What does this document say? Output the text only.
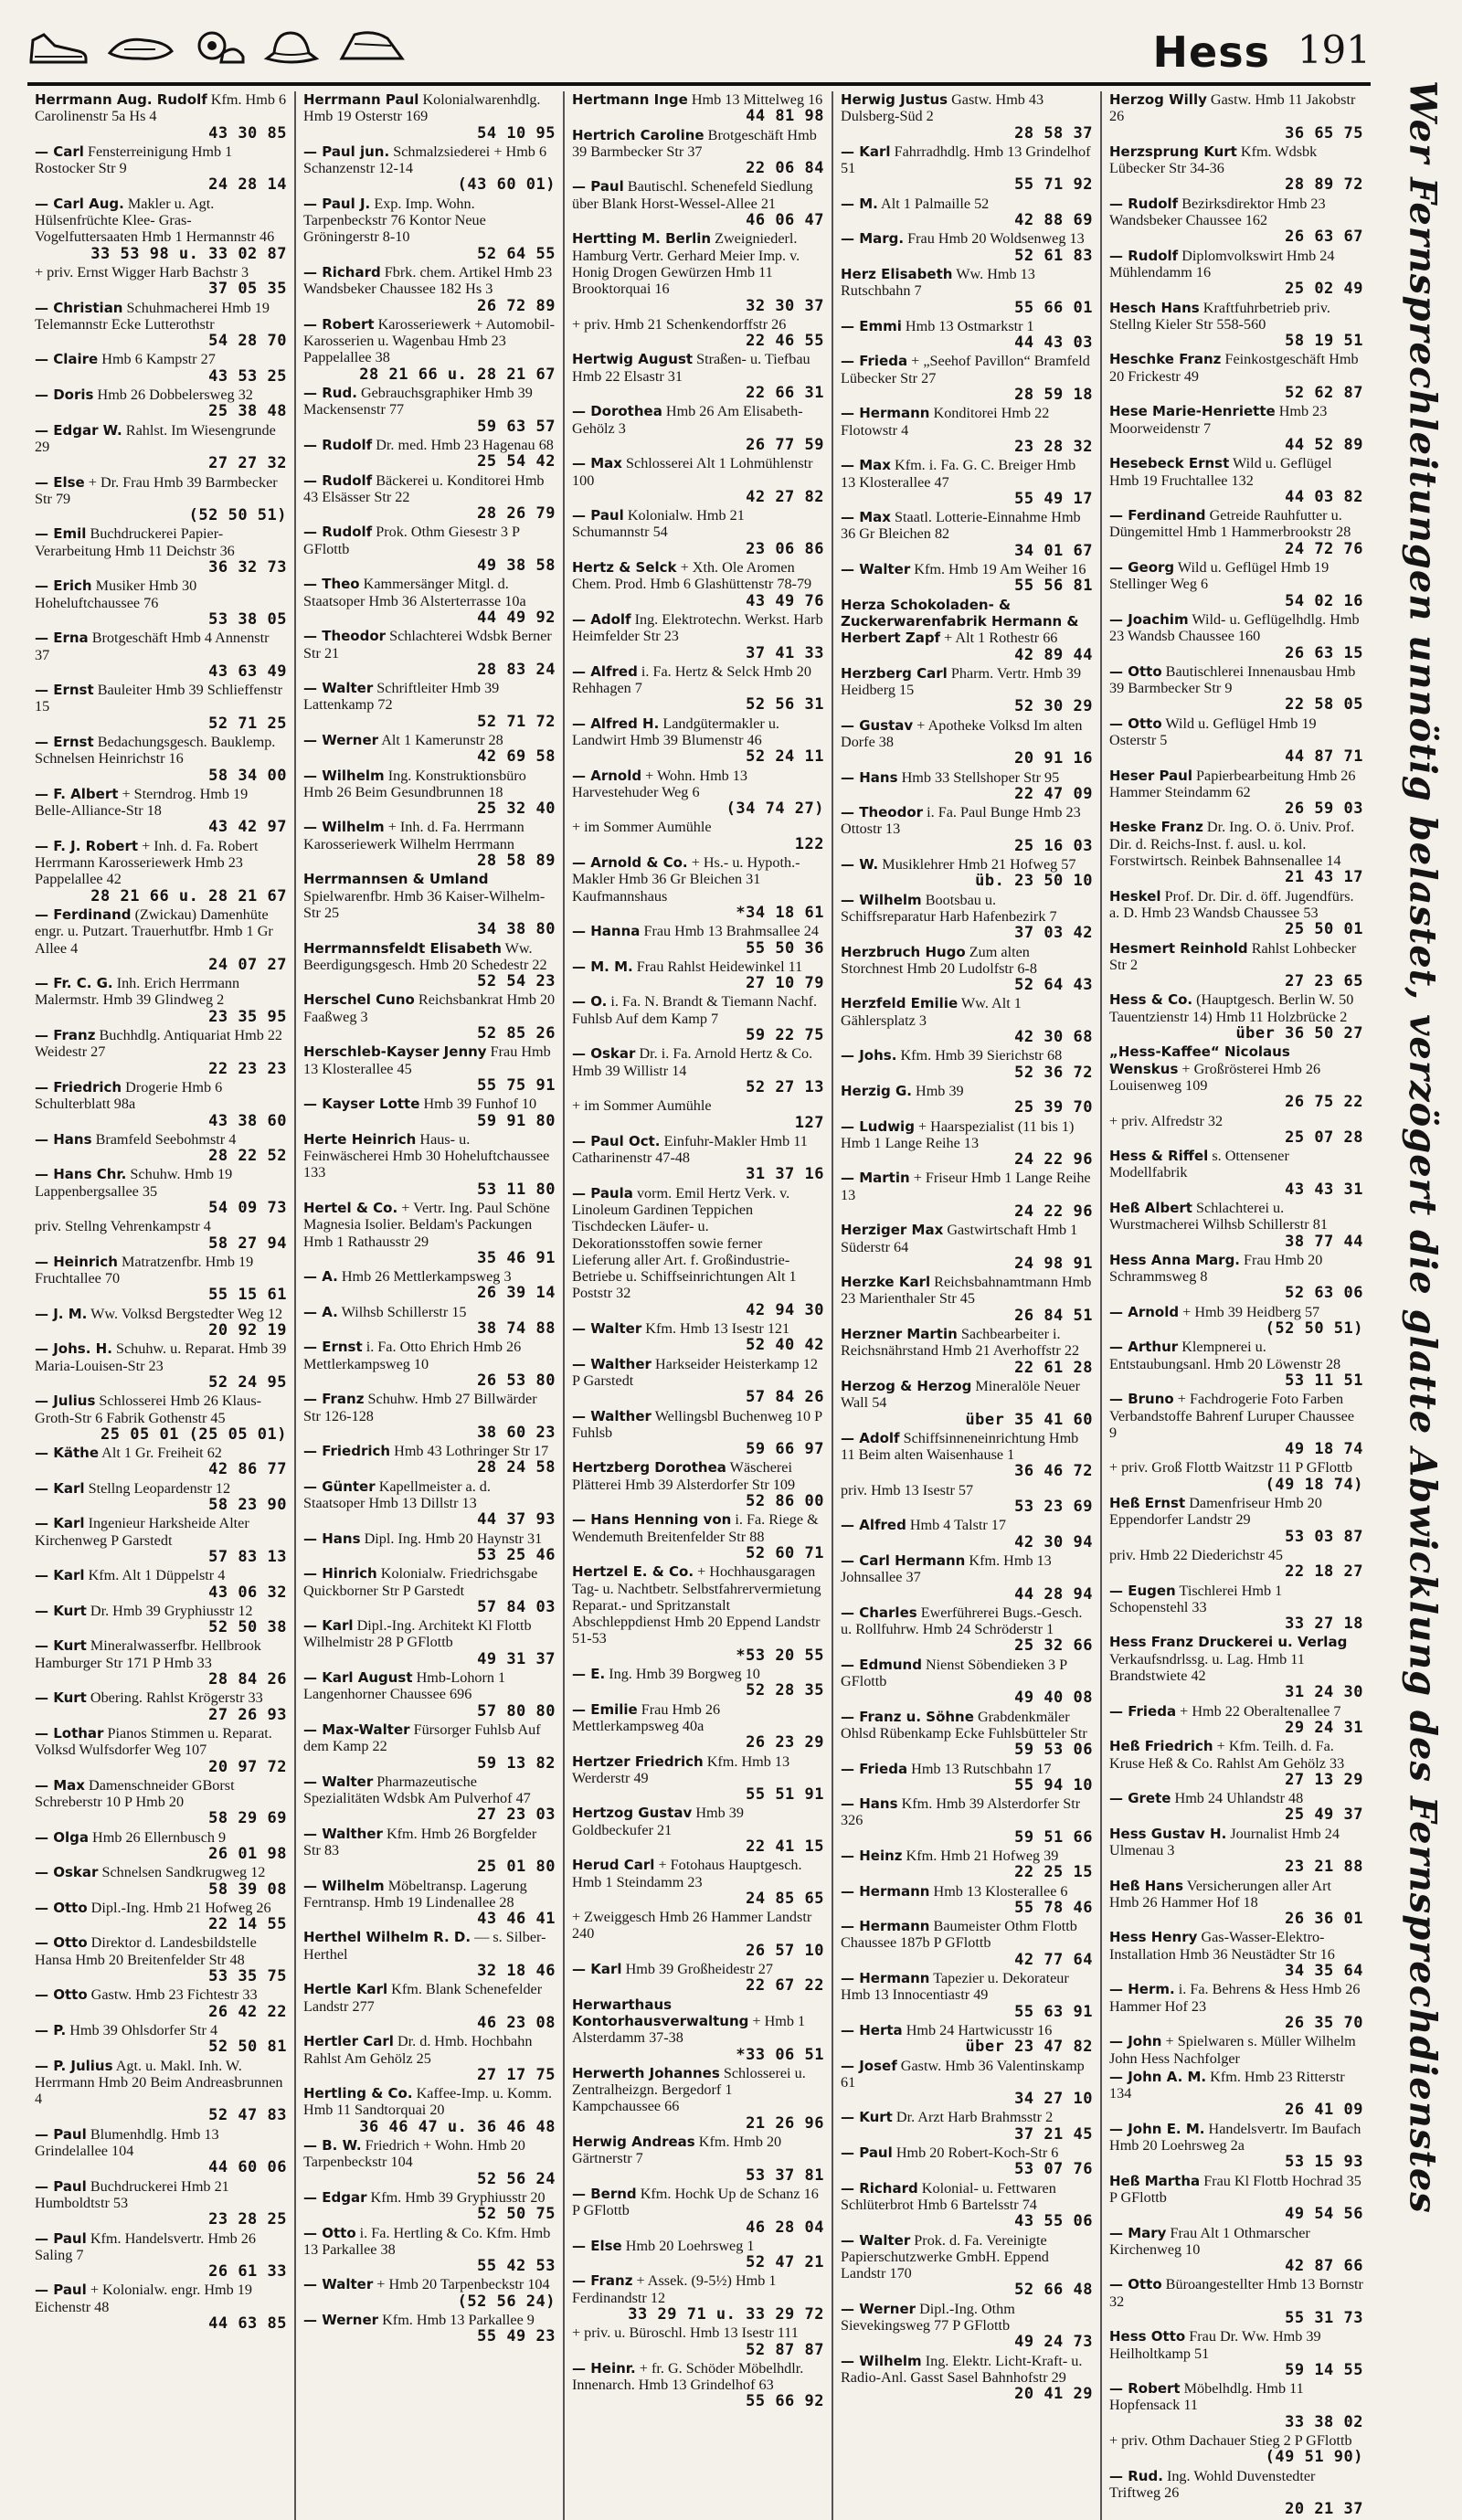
Hess 191
Herrmann Aug. Rudolf Kfm. Hmb 6 Carolinenstr 5a Hs 4
43 30 85
— Carl Fensterreinigung Hmb 1 Rostocker Str 9
24 28 14
— Carl Aug. Makler u. Agt. Hülsenfrüchte Klee- Gras- Vogelfuttersaaten Hmb 1 Hermannstr 46
33 53 98 u. 33 02 87
+ priv. Ernst Wigger Harb Bachstr 3
37 05 35
— Christian Schuhmacherei Hmb 19 Telemannstr Ecke Lutterothstr
54 28 70
— Claire Hmb 6 Kampstr 27
43 53 25
— Doris Hmb 26 Dobbelersweg 32
25 38 48
— Edgar W. Rahlst. Im Wiesengrunde 29
27 27 32
— Else + Dr. Frau Hmb 39 Barmbecker Str 79
(52 50 51)
— Emil Buchdruckerei Papier-Verarbeitung Hmb 11 Deichstr 36
36 32 73
— Erich Musiker Hmb 30 Hoheluftchaussee 76
53 38 05
— Erna Brotgeschäft Hmb 4 Annenstr 37
43 63 49
— Ernst Bauleiter Hmb 39 Schlieffenstr 15
52 71 25
— Ernst Bedachungsgesch. Bauklemp. Schnelsen Heinrichstr 16
58 34 00
— F. Albert + Sterndrog. Hmb 19 Belle-Alliance-Str 18
43 42 97
— F. J. Robert + Inh. d. Fa. Robert Herrmann Karosseriewerk Hmb 23 Pappelallee 42
28 21 66 u. 28 21 67
— Ferdinand (Zwickau) Damenhüte engr. u. Putzart. Trauerhutfbr. Hmb 1 Gr Allee 4
24 07 27
— Fr. C. G. Inh. Erich Herrmann Malermstr. Hmb 39 Glindweg 2
23 35 95
— Franz Buchhdlg. Antiquariat Hmb 22 Weidestr 27
22 23 23
— Friedrich Drogerie Hmb 6 Schulterblatt 98a
43 38 60
— Hans Bramfeld Seebohmstr 4
28 22 52
— Hans Chr. Schuhw. Hmb 19 Lappenbergsallee 35
54 09 73
priv. Stellng Vehrenkampstr 4
58 27 94
— Heinrich Matratzenfbr. Hmb 19 Fruchtallee 70
55 15 61
— J. M. Ww. Volksd Bergstedter Weg 12
20 92 19
— Johs. H. Schuhw. u. Reparat. Hmb 39 Maria-Louisen-Str 23
52 24 95
— Julius Schlosserei Hmb 26 Klaus-Groth-Str 6 Fabrik Gothenstr 45
25 05 01 (25 05 01)
— Käthe Alt 1 Gr. Freiheit 62
42 86 77
— Karl Stellng Leopardenstr 12
58 23 90
— Karl Ingenieur Harksheide Alter Kirchenweg P Garstedt
57 83 13
— Karl Kfm. Alt 1 Düppelstr 4
43 06 32
— Kurt Dr. Hmb 39 Gryphiusstr 12
52 50 38
— Kurt Mineralwasserfbr. Hellbrook Hamburger Str 171 P Hmb 33
28 84 26
— Kurt Obering. Rahlst Krögerstr 33
27 26 93
— Lothar Pianos Stimmen u. Reparat. Volksd Wulfsdorfer Weg 107
20 97 72
— Max Damenschneider GBorst Schreberstr 10 P Hmb 20
58 29 69
— Olga Hmb 26 Ellernbusch 9
26 01 98
— Oskar Schnelsen Sandkrugweg 12
58 39 08
— Otto Dipl.-Ing. Hmb 21 Hofweg 26
22 14 55
— Otto Direktor d. Landesbildstelle Hansa Hmb 20 Breitenfelder Str 48
53 35 75
— Otto Gastw. Hmb 23 Fichtestr 33
26 42 22
— P. Hmb 39 Ohlsdorfer Str 4
52 50 81
— P. Julius Agt. u. Makl. Inh. W. Herrmann Hmb 20 Beim Andreasbrunnen 4
52 47 83
— Paul Blumenhdlg. Hmb 13 Grindelallee 104
44 60 06
— Paul Buchdruckerei Hmb 21 Humboldtstr 53
23 28 25
— Paul Kfm. Handelsvertr. Hmb 26 Saling 7
26 61 33
— Paul + Kolonialw. engr. Hmb 19 Eichenstr 48
44 63 85
Herrmann Paul Kolonialwarenhdlg. Hmb 19 Osterstr 169
54 10 95
— Paul jun. Schmalzsiederei + Hmb 6 Schanzenstr 12-14
(43 60 01)
— Paul J. Exp. Imp. Wohn. Tarpenbeckstr 76 Kontor Neue Gröningerstr 8-10
52 64 55
— Richard Fbrk. chem. Artikel Hmb 23 Wandsbeker Chaussee 182 Hs 3
26 72 89
— Robert Karosseriewerk + Automobil-Karosserien u. Wagenbau Hmb 23 Pappelallee 38
28 21 66 u. 28 21 67
— Rud. Gebrauchsgraphiker Hmb 39 Mackensenstr 77
59 63 57
— Rudolf Dr. med. Hmb 23 Hagenau 68
25 54 42
— Rudolf Bäckerei u. Konditorei Hmb 43 Elsässer Str 22
28 26 79
— Rudolf Prok. Othm Giesestr 3 P GFlottb
49 38 58
— Theo Kammersänger Mitgl. d. Staatsoper Hmb 36 Alsterterrasse 10a
44 49 92
— Theodor Schlachterei Wdsbk Berner Str 21
28 83 24
— Walter Schriftleiter Hmb 39 Lattenkamp 72
52 71 72
— Werner Alt 1 Kamerunstr 28
42 69 58
— Wilhelm Ing. Konstruktionsbüro Hmb 26 Beim Gesundbrunnen 18
25 32 40
— Wilhelm + Inh. d. Fa. Herrmann Karosseriewerk Wilhelm Herrmann
28 58 89
Herrmannsen & Umland Spielwarenfbr. Hmb 36 Kaiser-Wilhelm-Str 25
34 38 80
Herrmannsfeldt Elisabeth Ww. Beerdigungsgesch. Hmb 20 Schedestr 22
52 54 23
Herschel Cuno Reichsbankrat Hmb 20 Faaßweg 3
52 85 26
Herschleb-Kayser Jenny Frau Hmb 13 Klosterallee 45
55 75 91
— Kayser Lotte Hmb 39 Funhof 10
59 91 80
Herte Heinrich Haus- u. Feinwäscherei Hmb 30 Hoheluftchaussee 133
53 11 80
Hertel & Co. + Vertr. Ing. Paul Schöne Magnesia Isolier. Beldam's Packungen Hmb 1 Rathausstr 29
35 46 91
— A. Hmb 26 Mettlerkampsweg 3
26 39 14
— A. Wilhsb Schillerstr 15
38 74 88
— Ernst i. Fa. Otto Ehrich Hmb 26 Mettlerkampsweg 10
26 53 80
— Franz Schuhw. Hmb 27 Billwärder Str 126-128
38 60 23
— Friedrich Hmb 43 Lothringer Str 17
28 24 58
— Günter Kapellmeister a. d. Staatsoper Hmb 13 Dillstr 13
44 37 93
— Hans Dipl. Ing. Hmb 20 Haynstr 31
53 25 46
— Hinrich Kolonialw. Friedrichsgabe Quickborner Str P Garstedt
57 84 03
— Karl Dipl.-Ing. Architekt Kl Flottb Wilhelmistr 28 P GFlottb
49 31 37
— Karl August Hmb-Lohorn 1 Langenhorner Chaussee 696
57 80 80
— Max-Walter Fürsorger Fuhlsb Auf dem Kamp 22
59 13 82
— Walter Pharmazeutische Spezialitäten Wdsbk Am Pulverhof 47
27 23 03
— Walther Kfm. Hmb 26 Borgfelder Str 83
25 01 80
— Wilhelm Möbeltransp. Lagerung Ferntransp. Hmb 19 Lindenallee 28
43 46 41
Herthel Wilhelm R. D. — s. Silber-Herthel
32 18 46
Hertle Karl Kfm. Blank Schenefelder Landstr 277
46 23 08
Hertler Carl Dr. d. Hmb. Hochbahn Rahlst Am Gehölz 25
27 17 75
Hertling & Co. Kaffee-Imp. u. Komm. Hmb 11 Sandtorquai 20
36 46 47 u. 36 46 48
— B. W. Friedrich + Wohn. Hmb 20 Tarpenbeckstr 104
52 56 24
— Edgar Kfm. Hmb 39 Gryphiusstr 20
52 50 75
— Otto i. Fa. Hertling & Co. Kfm. Hmb 13 Parkallee 38
55 42 53
— Walter + Hmb 20 Tarpenbeckstr 104
(52 56 24)
— Werner Kfm. Hmb 13 Parkallee 9
55 49 23
Hertmann Inge Hmb 13 Mittelweg 16
44 81 98
Hertrich Caroline Brotgeschäft Hmb 39 Barmbecker Str 37
22 06 84
— Paul Bautischl. Schenefeld Siedlung über Blank Horst-Wessel-Allee 21
46 06 47
Hertting M. Berlin Zweigniederl. Hamburg Vertr. Gerhard Meier Imp. v. Honig Drogen Gewürzen Hmb 11 Brooktorquai 16
32 30 37
+ priv. Hmb 21 Schenkendorffstr 26
22 46 55
Hertwig August Straßen- u. Tiefbau Hmb 22 Elsastr 31
22 66 31
— Dorothea Hmb 26 Am Elisabeth-Gehölz 3
26 77 59
— Max Schlosserei Alt 1 Lohmühlenstr 100
42 27 82
— Paul Kolonialw. Hmb 21 Schumannstr 54
23 06 86
Hertz & Selck + Xth. Ole Aromen Chem. Prod. Hmb 6 Glashüttenstr 78-79
43 49 76
— Adolf Ing. Elektrotechn. Werkst. Harb Heimfelder Str 23
37 41 33
— Alfred i. Fa. Hertz & Selck Hmb 20 Rehhagen 7
52 56 31
— Alfred H. Landgütermakler u. Landwirt Hmb 39 Blumenstr 46
52 24 11
— Arnold + Wohn. Hmb 13 Harvestehuder Weg 6
(34 74 27)
+ im Sommer Aumühle
122
— Arnold & Co. + Hs.- u. Hypoth.-Makler Hmb 36 Gr Bleichen 31 Kaufmannshaus
*34 18 61
— Hanna Frau Hmb 13 Brahmsallee 24
55 50 36
— M. M. Frau Rahlst Heidewinkel 11
27 10 79
— O. i. Fa. N. Brandt & Tiemann Nachf. Fuhlsb Auf dem Kamp 7
59 22 75
— Oskar Dr. i. Fa. Arnold Hertz & Co. Hmb 39 Willistr 14
52 27 13
+ im Sommer Aumühle
127
— Paul Oct. Einfuhr-Makler Hmb 11 Catharinenstr 47-48
31 37 16
— Paula vorm. Emil Hertz Verk. v. Linoleum Gardinen Teppichen Tischdecken Läufer- u. Dekorationsstoffen sowie ferner Lieferung aller Art. f. Großindustrie-Betriebe u. Schiffseinrichtungen Alt 1 Poststr 32
42 94 30
— Walter Kfm. Hmb 13 Isestr 121
52 40 42
— Walther Harkseider Heisterkamp 12 P Garstedt
57 84 26
— Walther Wellingsbl Buchenweg 10 P Fuhlsb
59 66 97
Hertzberg Dorothea Wäscherei Plätterei Hmb 39 Alsterdorfer Str 109
52 86 00
— Hans Henning von i. Fa. Riege & Wendemuth Breitenfelder Str 88
52 60 71
Hertzel E. & Co. + Hochhausgaragen Tag- u. Nachtbetr. Selbstfahrervermietung Reparat.- und Spritzanstalt Abschleppdienst Hmb 20 Eppend Landstr 51-53
*53 20 55
— E. Ing. Hmb 39 Borgweg 10
52 28 35
— Emilie Frau Hmb 26 Mettlerkampsweg 40a
26 23 29
Hertzer Friedrich Kfm. Hmb 13 Werderstr 49
55 51 91
Hertzog Gustav Hmb 39 Goldbeckufer 21
22 41 15
Herud Carl + Fotohaus Hauptgesch. Hmb 1 Steindamm 23
24 85 65
+ Zweiggesch Hmb 26 Hammer Landstr 240
26 57 10
— Karl Hmb 39 Großheidestr 27
22 67 22
Herwarthaus Kontorhausverwaltung + Hmb 1 Alsterdamm 37-38
*33 06 51
Herwerth Johannes Schlosserei u. Zentralheizgn. Bergedorf 1 Kampchaussee 66
21 26 96
Herwig Andreas Kfm. Hmb 20 Gärtnerstr 7
53 37 81
— Bernd Kfm. Hochk Up de Schanz 16 P GFlottb
46 28 04
— Else Hmb 20 Loehrsweg 1
52 47 21
— Franz + Assek. (9-5½) Hmb 1 Ferdinandstr 12
33 29 71 u. 33 29 72
+ priv. u. Büroschl. Hmb 13 Isestr 111
52 87 87
— Heinr. + fr. G. Schöder Möbelhdlr. Innenarch. Hmb 13 Grindelhof 63
55 66 92
Herwig Justus Gastw. Hmb 43 Dulsberg-Süd 2
28 58 37
— Karl Fahrradhdlg. Hmb 13 Grindelhof 51
55 71 92
— M. Alt 1 Palmaille 52
42 88 69
— Marg. Frau Hmb 20 Woldsenweg 13
52 61 83
Herz Elisabeth Ww. Hmb 13 Rutschbahn 7
55 66 01
— Emmi Hmb 13 Ostmarkstr 1
44 43 03
— Frieda + „Seehof Pavillon“ Bramfeld Lübecker Str 27
28 59 18
— Hermann Konditorei Hmb 22 Flotowstr 4
23 28 32
— Max Kfm. i. Fa. G. C. Breiger Hmb 13 Klosterallee 47
55 49 17
— Max Staatl. Lotterie-Einnahme Hmb 36 Gr Bleichen 82
34 01 67
— Walter Kfm. Hmb 19 Am Weiher 16
55 56 81
Herza Schokoladen- & Zuckerwarenfabrik Hermann & Herbert Zapf + Alt 1 Rothestr 66
42 89 44
Herzberg Carl Pharm. Vertr. Hmb 39 Heidberg 15
52 30 29
— Gustav + Apotheke Volksd Im alten Dorfe 38
20 91 16
— Hans Hmb 33 Stellshoper Str 95
22 47 09
— Theodor i. Fa. Paul Bunge Hmb 23 Ottostr 13
25 16 03
— W. Musiklehrer Hmb 21 Hofweg 57
üb. 23 50 10
— Wilhelm Bootsbau u. Schiffsreparatur Harb Hafenbezirk 7
37 03 42
Herzbruch Hugo Zum alten Storchnest Hmb 20 Ludolfstr 6-8
52 64 43
Herzfeld Emilie Ww. Alt 1 Gählersplatz 3
42 30 68
— Johs. Kfm. Hmb 39 Sierichstr 68
52 36 72
Herzig G. Hmb 39
25 39 70
— Ludwig + Haarspezialist (11 bis 1) Hmb 1 Lange Reihe 13
24 22 96
— Martin + Friseur Hmb 1 Lange Reihe 13
24 22 96
Herziger Max Gastwirtschaft Hmb 1 Süderstr 64
24 98 91
Herzke Karl Reichsbahnamtmann Hmb 23 Marienthaler Str 45
26 84 51
Herzner Martin Sachbearbeiter i. Reichsnährstand Hmb 21 Averhoffstr 22
22 61 28
Herzog & Herzog Mineralöle Neuer Wall 54
über 35 41 60
— Adolf Schiffsinneneinrichtung Hmb 11 Beim alten Waisenhause 1
36 46 72
priv. Hmb 13 Isestr 57
53 23 69
— Alfred Hmb 4 Talstr 17
42 30 94
— Carl Hermann Kfm. Hmb 13 Johnsallee 37
44 28 94
— Charles Ewerführerei Bugs.-Gesch. u. Rollfuhrw. Hmb 24 Schröderstr 1
25 32 66
— Edmund Nienst Söbendieken 3 P GFlottb
49 40 08
— Franz u. Söhne Grabdenkmäler Ohlsd Rübenkamp Ecke Fuhlsbütteler Str
59 53 06
— Frieda Hmb 13 Rutschbahn 17
55 94 10
— Hans Kfm. Hmb 39 Alsterdorfer Str 326
59 51 66
— Heinz Kfm. Hmb 21 Hofweg 39
22 25 15
— Hermann Hmb 13 Klosterallee 6
55 78 46
— Hermann Baumeister Othm Flottb Chaussee 187b P GFlottb
42 77 64
— Hermann Tapezier u. Dekorateur Hmb 13 Innocentiastr 49
55 63 91
— Herta Hmb 24 Hartwicusstr 16
über 23 47 82
— Josef Gastw. Hmb 36 Valentinskamp 61
34 27 10
— Kurt Dr. Arzt Harb Brahmsstr 2
37 21 45
— Paul Hmb 20 Robert-Koch-Str 6
53 07 76
— Richard Kolonial- u. Fettwaren Schlüterbrot Hmb 6 Bartelsstr 74
43 55 06
— Walter Prok. d. Fa. Vereinigte Papierschutzwerke GmbH. Eppend Landstr 170
52 66 48
— Werner Dipl.-Ing. Othm Sievekingsweg 77 P GFlottb
49 24 73
— Wilhelm Ing. Elektr. Licht-Kraft- u. Radio-Anl. Gasst Sasel Bahnhofstr 29
20 41 29
Herzog Willy Gastw. Hmb 11 Jakobstr 26
36 65 75
Herzsprung Kurt Kfm. Wdsbk Lübecker Str 34-36
28 89 72
— Rudolf Bezirksdirektor Hmb 23 Wandsbeker Chaussee 162
26 63 67
— Rudolf Diplomvolkswirt Hmb 24 Mühlendamm 16
25 02 49
Hesch Hans Kraftfuhrbetrieb priv. Stellng Kieler Str 558-560
58 19 51
Heschke Franz Feinkostgeschäft Hmb 20 Frickestr 49
52 62 87
Hese Marie-Henriette Hmb 23 Moorweidenstr 7
44 52 89
Hesebeck Ernst Wild u. Geflügel Hmb 19 Fruchtallee 132
44 03 82
— Ferdinand Getreide Rauhfutter u. Düngemittel Hmb 1 Hammerbrookstr 28
24 72 76
— Georg Wild u. Geflügel Hmb 19 Stellinger Weg 6
54 02 16
— Joachim Wild- u. Geflügelhdlg. Hmb 23 Wandsb Chaussee 160
26 63 15
— Otto Bautischlerei Innenausbau Hmb 39 Barmbecker Str 9
22 58 05
— Otto Wild u. Geflügel Hmb 19 Osterstr 5
44 87 71
Heser Paul Papierbearbeitung Hmb 26 Hammer Steindamm 62
26 59 03
Heske Franz Dr. Ing. O. ö. Univ. Prof. Dir. d. Reichs-Inst. f. ausl. u. kol. Forstwirtsch. Reinbek Bahnsenallee 14
21 43 17
Heskel Prof. Dr. Dir. d. öff. Jugendfürs. a. D. Hmb 23 Wandsb Chaussee 53
25 50 01
Hesmert Reinhold Rahlst Lohbecker Str 2
27 23 65
Hess & Co. (Hauptgesch. Berlin W. 50 Tauentzienstr 14) Hmb 11 Holzbrücke 2
über 36 50 27
„Hess-Kaffee“ Nicolaus Wenskus + Großrösterei Hmb 26 Louisenweg 109
26 75 22
+ priv. Alfredstr 32
25 07 28
Hess & Riffel s. Ottensener Modellfabrik
43 43 31
Heß Albert Schlachterei u. Wurstmacherei Wilhsb Schillerstr 81
38 77 44
Hess Anna Marg. Frau Hmb 20 Schrammsweg 8
52 63 06
— Arnold + Hmb 39 Heidberg 57
(52 50 51)
— Arthur Klempnerei u. Entstaubungsanl. Hmb 20 Löwenstr 28
53 11 51
— Bruno + Fachdrogerie Foto Farben Verbandstoffe Bahrenf Luruper Chaussee 9
49 18 74
+ priv. Groß Flottb Waitzstr 11 P GFlottb
(49 18 74)
Heß Ernst Damenfriseur Hmb 20 Eppendorfer Landstr 29
53 03 87
priv. Hmb 22 Diederichstr 45
22 18 27
— Eugen Tischlerei Hmb 1 Schopenstehl 33
33 27 18
Hess Franz Druckerei u. Verlag Verkaufsndrlssg. u. Lag. Hmb 11 Brandstwiete 42
31 24 30
— Frieda + Hmb 22 Oberaltenallee 7
29 24 31
Heß Friedrich + Kfm. Teilh. d. Fa. Kruse Heß & Co. Rahlst Am Gehölz 33
27 13 29
— Grete Hmb 24 Uhlandstr 48
25 49 37
Hess Gustav H. Journalist Hmb 24 Ulmenau 3
23 21 88
Heß Hans Versicherungen aller Art Hmb 26 Hammer Hof 18
26 36 01
Hess Henry Gas-Wasser-Elektro-Installation Hmb 36 Neustädter Str 16
34 35 64
— Herm. i. Fa. Behrens & Hess Hmb 26 Hammer Hof 23
26 35 70
— John + Spielwaren s. Müller Wilhelm John Hess Nachfolger
— John A. M. Kfm. Hmb 23 Ritterstr 134
26 41 09
— John E. M. Handelsvertr. Im Baufach Hmb 20 Loehrsweg 2a
53 15 93
Heß Martha Frau Kl Flottb Hochrad 35 P GFlottb
49 54 56
— Mary Frau Alt 1 Othmarscher Kirchenweg 10
42 87 66
— Otto Büroangestellter Hmb 13 Bornstr 32
55 31 73
Hess Otto Frau Dr. Ww. Hmb 39 Heilholtkamp 51
59 14 55
— Robert Möbelhdlg. Hmb 11 Hopfensack 11
33 38 02
+ priv. Othm Dachauer Stieg 2 P GFlottb
(49 51 90)
— Rud. Ing. Wohld Duvenstedter Triftweg 26
20 21 37
Wer Fernsprechleitungen unnötig belastet, verzögert die glatte Abwicklung des Fernsprechdienstes
